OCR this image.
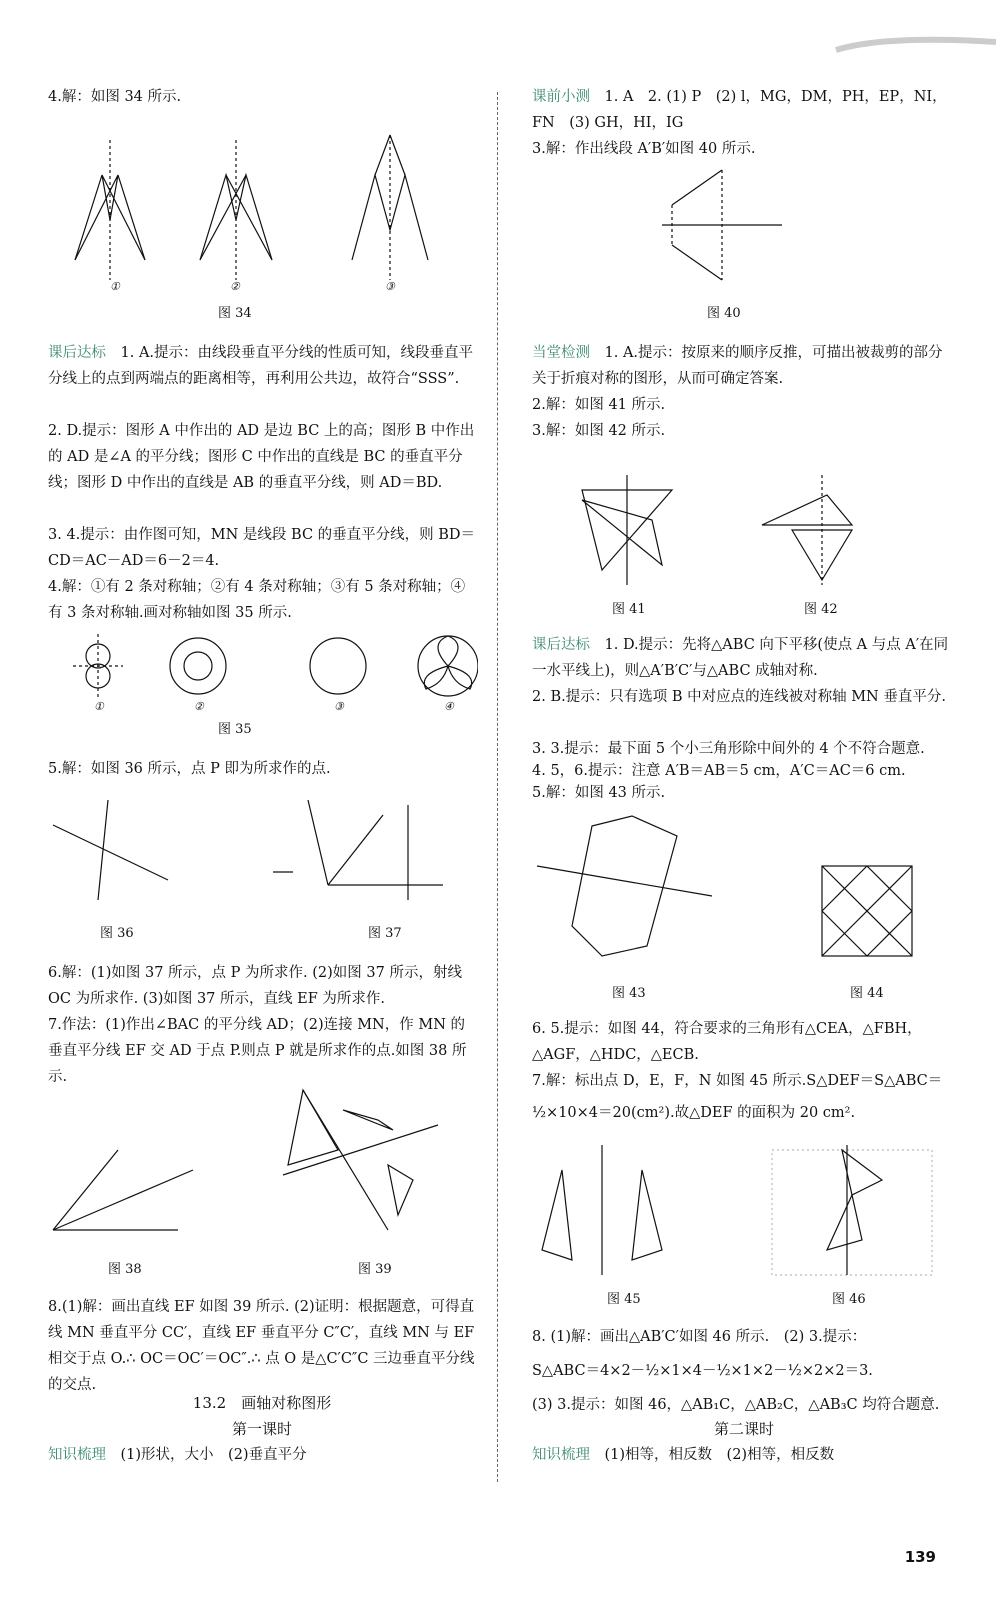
4.解：如图 34 所示.

①	②	③
图 34

课后达标　 1. A.提示：由线段垂直平分线的性质可知，线段垂直平分线上的点到两端点的距离相等，再利用公共边，故符合“SSS”.

2. D.提示：图形 A 中作出的 AD 是边 BC 上的高；图形 B 中作出的 AD 是∠A 的平分线；图形 C 中作出的直线是 BC 的垂直平分线；图形 D 中作出的直线是 AB 的垂直平分线，则 AD＝BD.

3. 4.提示：由作图可知，MN 是线段 BC 的垂直平分线，则 BD＝CD＝AC－AD＝6－2＝4.

4.解：①有 2 条对称轴；②有 4 条对称轴；③有 5 条对称轴；④有 3 条对称轴.画对称轴如图 35 所示.

①	②	③	④
图 35

5.解：如图 36 所示，点 P 即为所求作的点.

图 36	图 37

6.解：(1)如图 37 所示，点 P 为所求作. (2)如图 37 所示，射线 OC 为所求作. (3)如图 37 所示，直线 EF 为所求作.

7.作法：(1)作出∠BAC 的平分线 AD；(2)连接 MN，作 MN 的垂直平分线 EF 交 AD 于点 P.则点 P 就是所求作的点.如图 38 所示.

图 38	图 39

8.(1)解：画出直线 EF 如图 39 所示. (2)证明：根据题意，可得直线 MN 垂直平分 CC′，直线 EF 垂直平分 C″C′，直线 MN 与 EF 相交于点 O.∴ OC＝OC′＝OC″.∴ 点 O 是△C′C″C 三边垂直平分线的交点.

13.2　画轴对称图形
第一课时

知识梳理　 (1)形状，大小　(2)垂直平分

课前小测　 1. A　2. (1) P　(2) l，MG，DM，PH，EP，NI，FN　(3) GH，HI，IG

3.解：作出线段 A′B′如图 40 所示.

图 40

当堂检测　 1. A.提示：按原来的顺序反推，可描出被裁剪的部分关于折痕对称的图形，从而可确定答案.

2.解：如图 41 所示.

3.解：如图 42 所示.

图 41	图 42

课后达标　 1. D.提示：先将△ABC 向下平移(使点 A 与点 A′在同一水平线上)，则△A′B′C′与△ABC 成轴对称.

2. B.提示：只有选项 B 中对应点的连线被对称轴 MN 垂直平分.

3. 3.提示：最下面 5 个小三角形除中间外的 4 个不符合题意.

4. 5，6.提示：注意 A′B＝AB＝5 cm，A′C＝AC＝6 cm.

5.解：如图 43 所示.

图 43	图 44

6. 5.提示：如图 44，符合要求的三角形有△CEA，△FBH，△AGF，△HDC，△ECB.

7.解：标出点 D，E，F，N 如图 45 所示.S△DEF＝S△ABC＝

½×10×4＝20(cm²).故△DEF 的面积为 20 cm².

图 45	图 46

8. (1)解：画出△AB′C′如图 46 所示.　(2) 3.提示：

S△ABC＝4×2－½×1×4－½×1×2－½×2×2＝3.

(3) 3.提示：如图 46，△AB₁C，△AB₂C，△AB₃C 均符合题意.

第二课时

知识梳理　 (1)相等，相反数　(2)相等，相反数

139
